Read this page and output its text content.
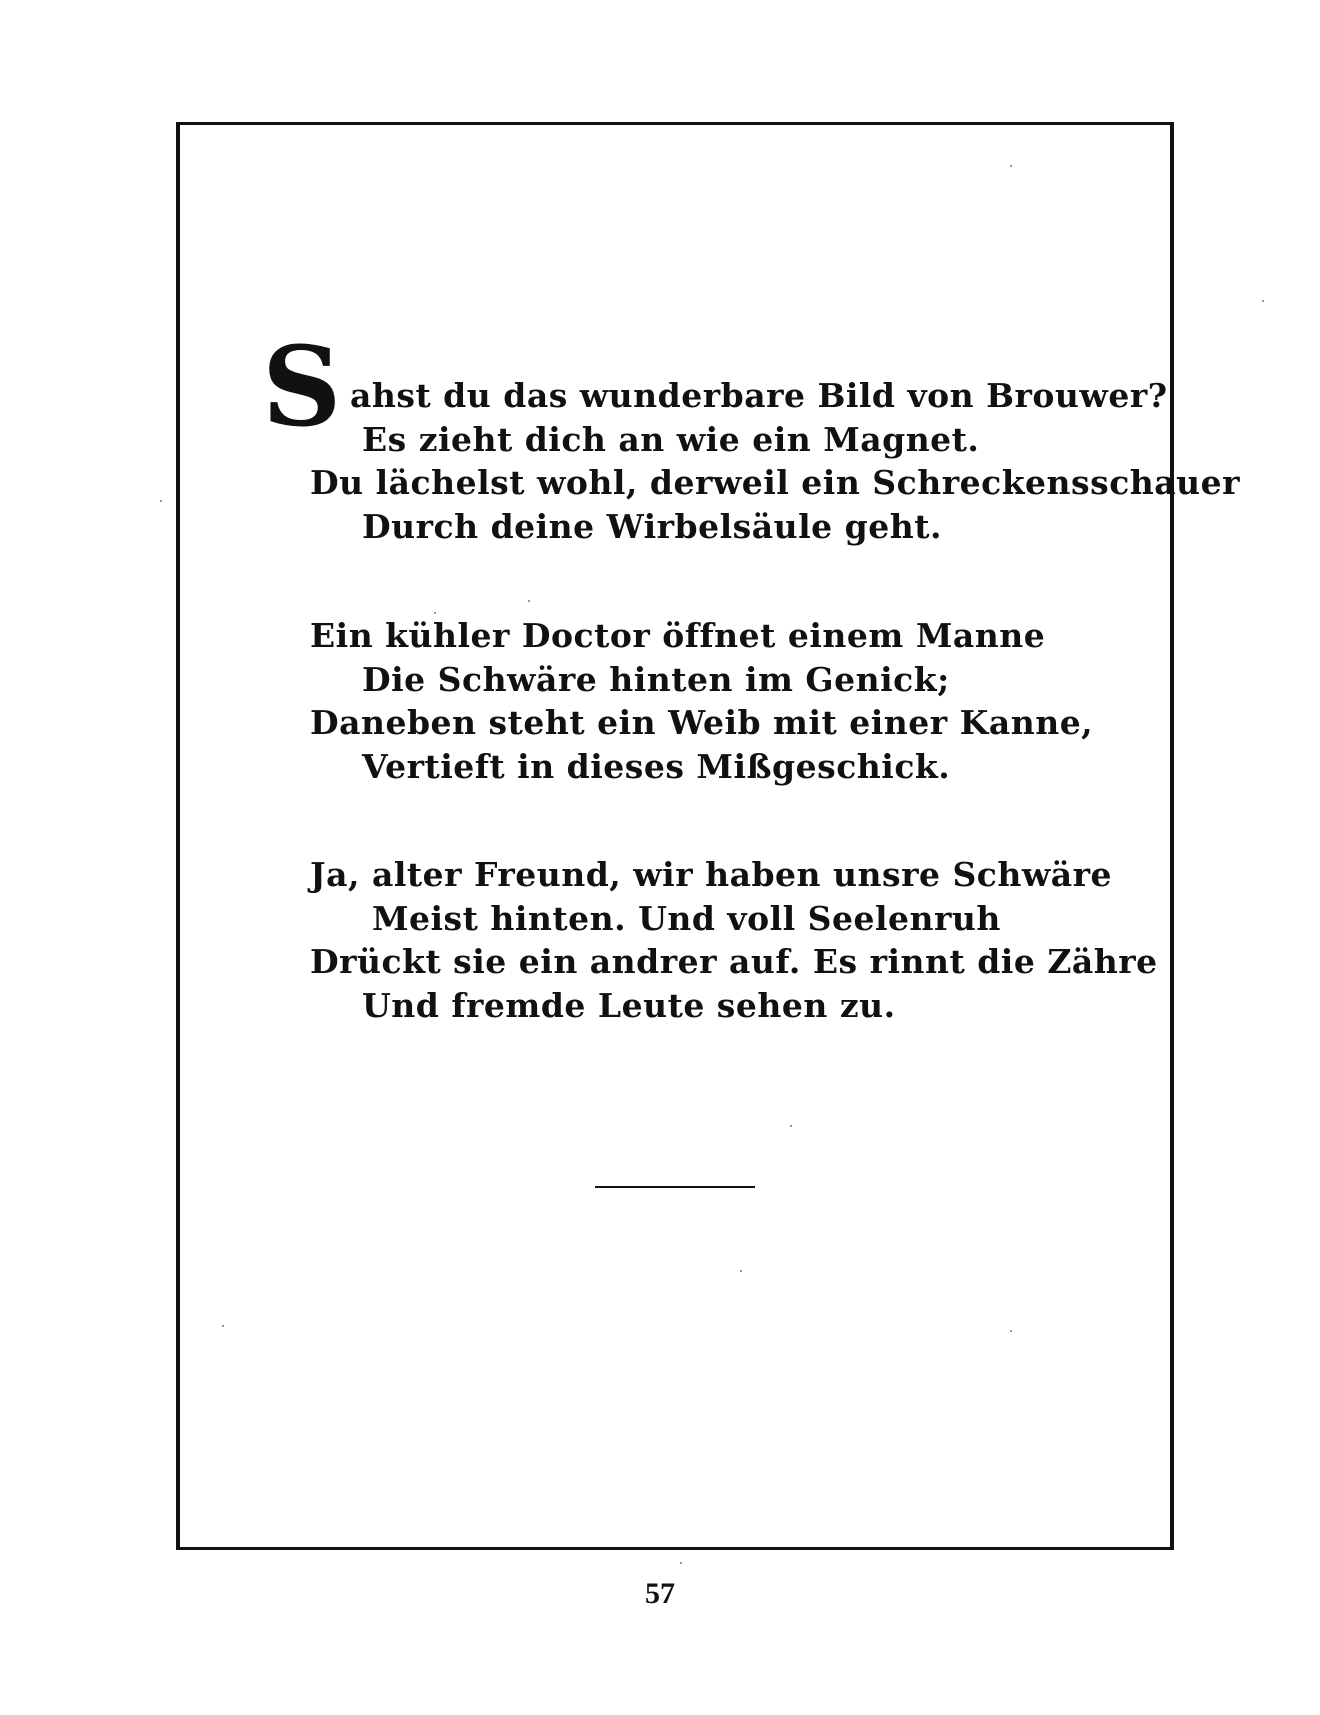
S ahst du das wunderbare Bild von Brouwer?
Es zieht dich an wie ein Magnet.
Du lächelst wohl, derweil ein Schreckensschauer
Durch deine Wirbelsäule geht.
Ein kühler Doctor öffnet einem Manne
Die Schwäre hinten im Genick;
Daneben steht ein Weib mit einer Kanne,
Vertieft in dieses Mißgeschick.
Ja, alter Freund, wir haben unsre Schwäre
Meist hinten. Und voll Seelenruh
Drückt sie ein andrer auf. Es rinnt die Zähre
Und fremde Leute sehen zu.
57
